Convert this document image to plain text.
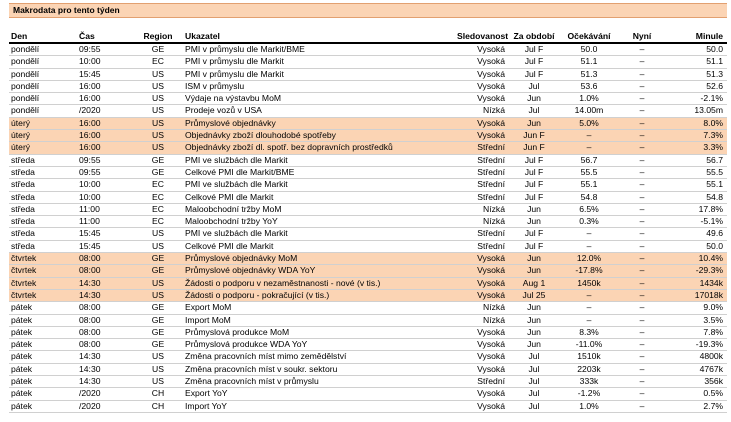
Makrodata pro tento týden
Den	Čas	Region	Ukazatel	Sledovanost	Za období	Očekávání	Nyní	Minule
pondělí	09:55	GE	PMI v průmyslu dle Markit/BME	Vysoká	Jul F	50.0	–	50.0
pondělí	10:00	EC	PMI v průmyslu dle Markit	Vysoká	Jul F	51.1	–	51.1
pondělí	15:45	US	PMI v průmyslu dle Markit	Vysoká	Jul F	51.3	–	51.3
pondělí	16:00	US	ISM v průmyslu	Vysoká	Jul	53.6	–	52.6
pondělí	16:00	US	Výdaje na výstavbu MoM	Vysoká	Jun	1.0%	–	-2.1%
pondělí	/2020	US	Prodeje vozů v USA	Nízká	Jul	14.00m	–	13.05m
úterý	16:00	US	Průmyslové objednávky	Vysoká	Jun	5.0%	–	8.0%
úterý	16:00	US	Objednávky zboží dlouhodobé spotřeby	Vysoká	Jun F	–	–	7.3%
úterý	16:00	US	Objednávky zboží dl. spotř. bez dopravních prostředků	Střední	Jun F	–	–	3.3%
středa	09:55	GE	PMI ve službách dle Markit	Střední	Jul F	56.7	–	56.7
středa	09:55	GE	Celkové PMI dle Markit/BME	Střední	Jul F	55.5	–	55.5
středa	10:00	EC	PMI ve službách dle Markit	Střední	Jul F	55.1	–	55.1
středa	10:00	EC	Celkové PMI dle Markit	Střední	Jul F	54.8	–	54.8
středa	11:00	EC	Maloobchodní tržby MoM	Nízká	Jun	6.5%	–	17.8%
středa	11:00	EC	Maloobchodní tržby YoY	Nízká	Jun	0.3%	–	-5.1%
středa	15:45	US	PMI ve službách dle Markit	Střední	Jul F	–	–	49.6
středa	15:45	US	Celkové PMI dle Markit	Střední	Jul F	–	–	50.0
čtvrtek	08:00	GE	Průmyslové objednávky MoM	Vysoká	Jun	12.0%	–	10.4%
čtvrtek	08:00	GE	Průmyslové objednávky WDA YoY	Vysoká	Jun	-17.8%	–	-29.3%
čtvrtek	14:30	US	Žádosti o podporu v nezaměstnanosti - nové (v tis.)	Vysoká	Aug 1	1450k	–	1434k
čtvrtek	14:30	US	Žádosti o podporu - pokračující (v tis.)	Vysoká	Jul 25	–	–	17018k
pátek	08:00	GE	Export MoM	Nízká	Jun	–	–	9.0%
pátek	08:00	GE	Import MoM	Nízká	Jun	–	–	3.5%
pátek	08:00	GE	Průmyslová produkce MoM	Vysoká	Jun	8.3%	–	7.8%
pátek	08:00	GE	Průmyslová produkce WDA YoY	Vysoká	Jun	-11.0%	–	-19.3%
pátek	14:30	US	Změna pracovních míst mimo zemědělství	Vysoká	Jul	1510k	–	4800k
pátek	14:30	US	Změna pracovních míst v soukr. sektoru	Vysoká	Jul	2203k	–	4767k
pátek	14:30	US	Změna pracovních míst v průmyslu	Střední	Jul	333k	–	356k
pátek	/2020	CH	Export YoY	Vysoká	Jul	-1.2%	–	0.5%
pátek	/2020	CH	Import YoY	Vysoká	Jul	1.0%	–	2.7%
